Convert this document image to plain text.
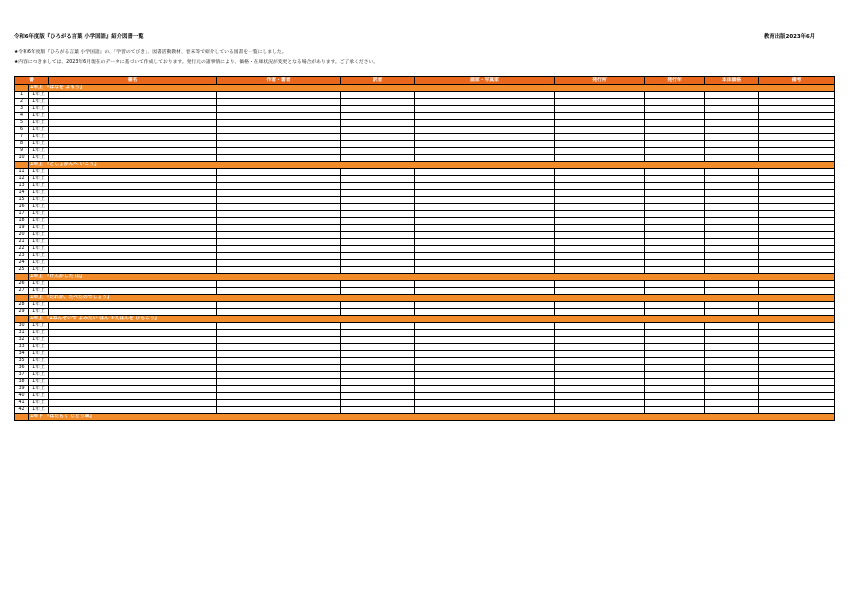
令和6年度版『ひろがる言葉 小学国語』紹介図書一覧	教育出版2023年6月
★令和6年度版『ひろがる言葉 小学国語』の、「学習のてびき」、図書活動教材、巻末等で紹介している図書を一覧にしました。
★内容につきましては、2023年6月現在のデータに基づいて作成しております。発行元の諸事情により、価格・在庫状況が変更となる場合があります。ご了承ください。
番		書名	作者・著者	訳者	画家・写真家	発行所	発行年	本体価格	備考
	1年上 『はなを よもう』								
1	1年上								
2	1年上								
3	1年上								
4	1年上								
5	1年上								
6	1年上								
7	1年上								
8	1年上								
9	1年上								
10	1年上								
	1年上 『としょかんへ いこう』								
11	1年上								
12	1年上								
13	1年上								
14	1年上								
15	1年上								
16	1年上								
17	1年上								
18	1年上								
19	1年上								
20	1年上								
21	1年上								
22	1年上								
23	1年上								
24	1年上								
25	1年上								
	1年上 『けんかした 山』								
26	1年上								
27	1年上								
	1年上 『だれが、たべたのでしょう』								
28	1年上								
29	1年上								
	1年上 『1ねんせいで よみたい ほん ①えほんを ひらこう』								
30	1年上								
31	1年上								
32	1年上								
33	1年上								
34	1年上								
35	1年上								
36	1年上								
37	1年上								
38	1年上								
39	1年上								
40	1年上								
41	1年上								
42	1年上								
	1年下 『はたらく じどう車』								
